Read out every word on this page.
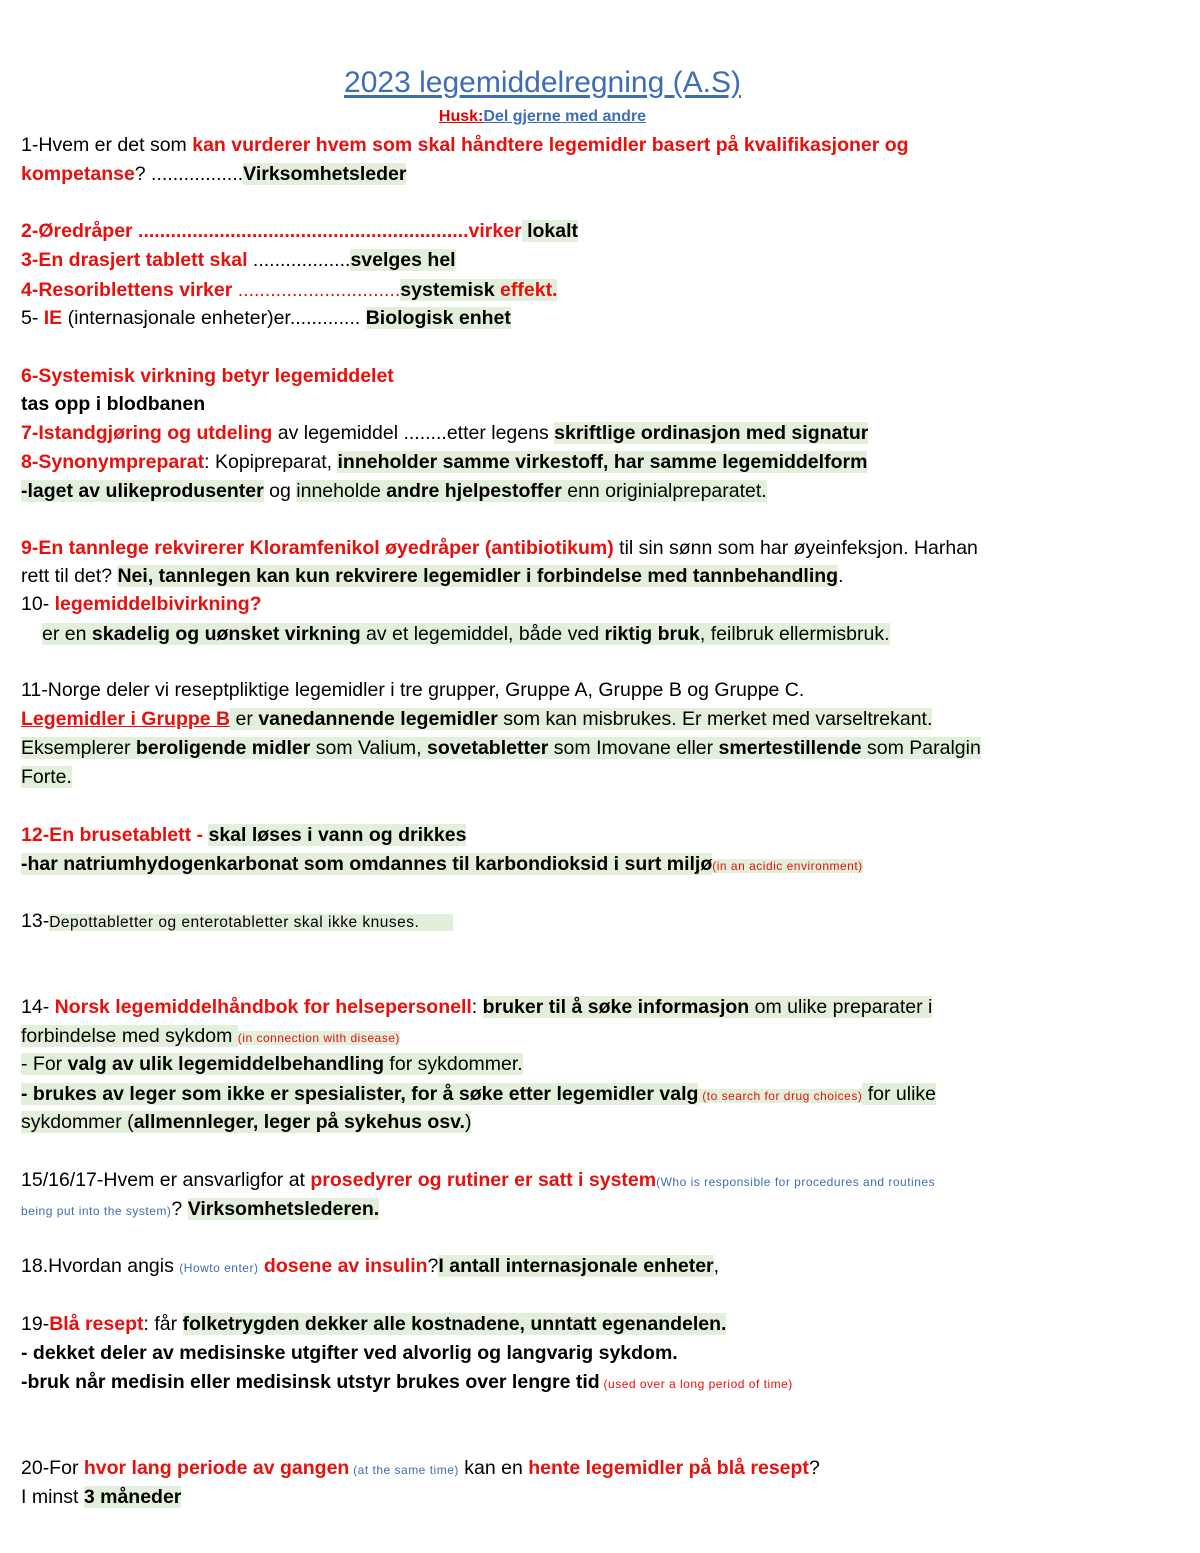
2023 legemiddelregning (A.S)
Husk:Del gjerne med andre
1-Hvem er det som kan vurderer hvem som skal håndtere legemidler basert på kvalifikasjoner og
kompetanse? .................Virksomhetsleder
2-Øredråper .............................................................virker lokalt
3-En drasjert tablett skal ..................svelges hel
4-Resoriblettens virker ..............................systemisk effekt.
5- IE (internasjonale enheter)er............. Biologisk enhet
6-Systemisk virkning betyr legemiddelet
tas opp i blodbanen
7-Istandgjøring og utdeling av legemiddel ........etter legens skriftlige ordinasjon med signatur
8-Synonympreparat: Kopipreparat, inneholder samme virkestoff, har samme legemiddelform
-laget av ulikeprodusenter og inneholde andre hjelpestoffer enn originialpreparatet.
9-En tannlege rekvirerer Kloramfenikol øyedråper (antibiotikum) til sin sønn som har øyeinfeksjon. Harhan
rett til det? Nei, tannlegen kan kun rekvirere legemidler i forbindelse med tannbehandling.
10- legemiddelbivirkning?
er en skadelig og uønsket virkning av et legemiddel, både ved riktig bruk, feilbruk ellermisbruk.
11-Norge deler vi reseptpliktige legemidler i tre grupper, Gruppe A, Gruppe B og Gruppe C.
Legemidler i Gruppe B er vanedannende legemidler som kan misbrukes. Er merket med varseltrekant.
Eksemplerer beroligende midler som Valium, sovetabletter som Imovane eller smertestillende som Paralgin
Forte.
12-En brusetablett - skal løses i vann og drikkes
-har natriumhydogenkarbonat som omdannes til karbondioksid i surt miljø(in an acidic environment)
13-Depottabletter og enterotabletter skal ikke knuses.
14- Norsk legemiddelhåndbok for helsepersonell: bruker til å søke informasjon om ulike preparater i
forbindelse med sykdom (in connection with disease)
- For valg av ulik legemiddelbehandling for sykdommer.
- brukes av leger som ikke er spesialister, for å søke etter legemidler valg (to search for drug choices) for ulike
sykdommer (allmennleger, leger på sykehus osv.)
15/16/17-Hvem er ansvarligfor at prosedyrer og rutiner er satt i system(Who is responsible for procedures and routines
being put into the system)? Virksomhetslederen.
18.Hvordan angis (Howto enter) dosene av insulin?I antall internasjonale enheter,
19-Blå resept: får folketrygden dekker alle kostnadene, unntatt egenandelen.
- dekket deler av medisinske utgifter ved alvorlig og langvarig sykdom.
-bruk når medisin eller medisinsk utstyr brukes over lengre tid (used over a long period of time)
20-For hvor lang periode av gangen (at the same time) kan en hente legemidler på blå resept?
I minst 3 måneder
